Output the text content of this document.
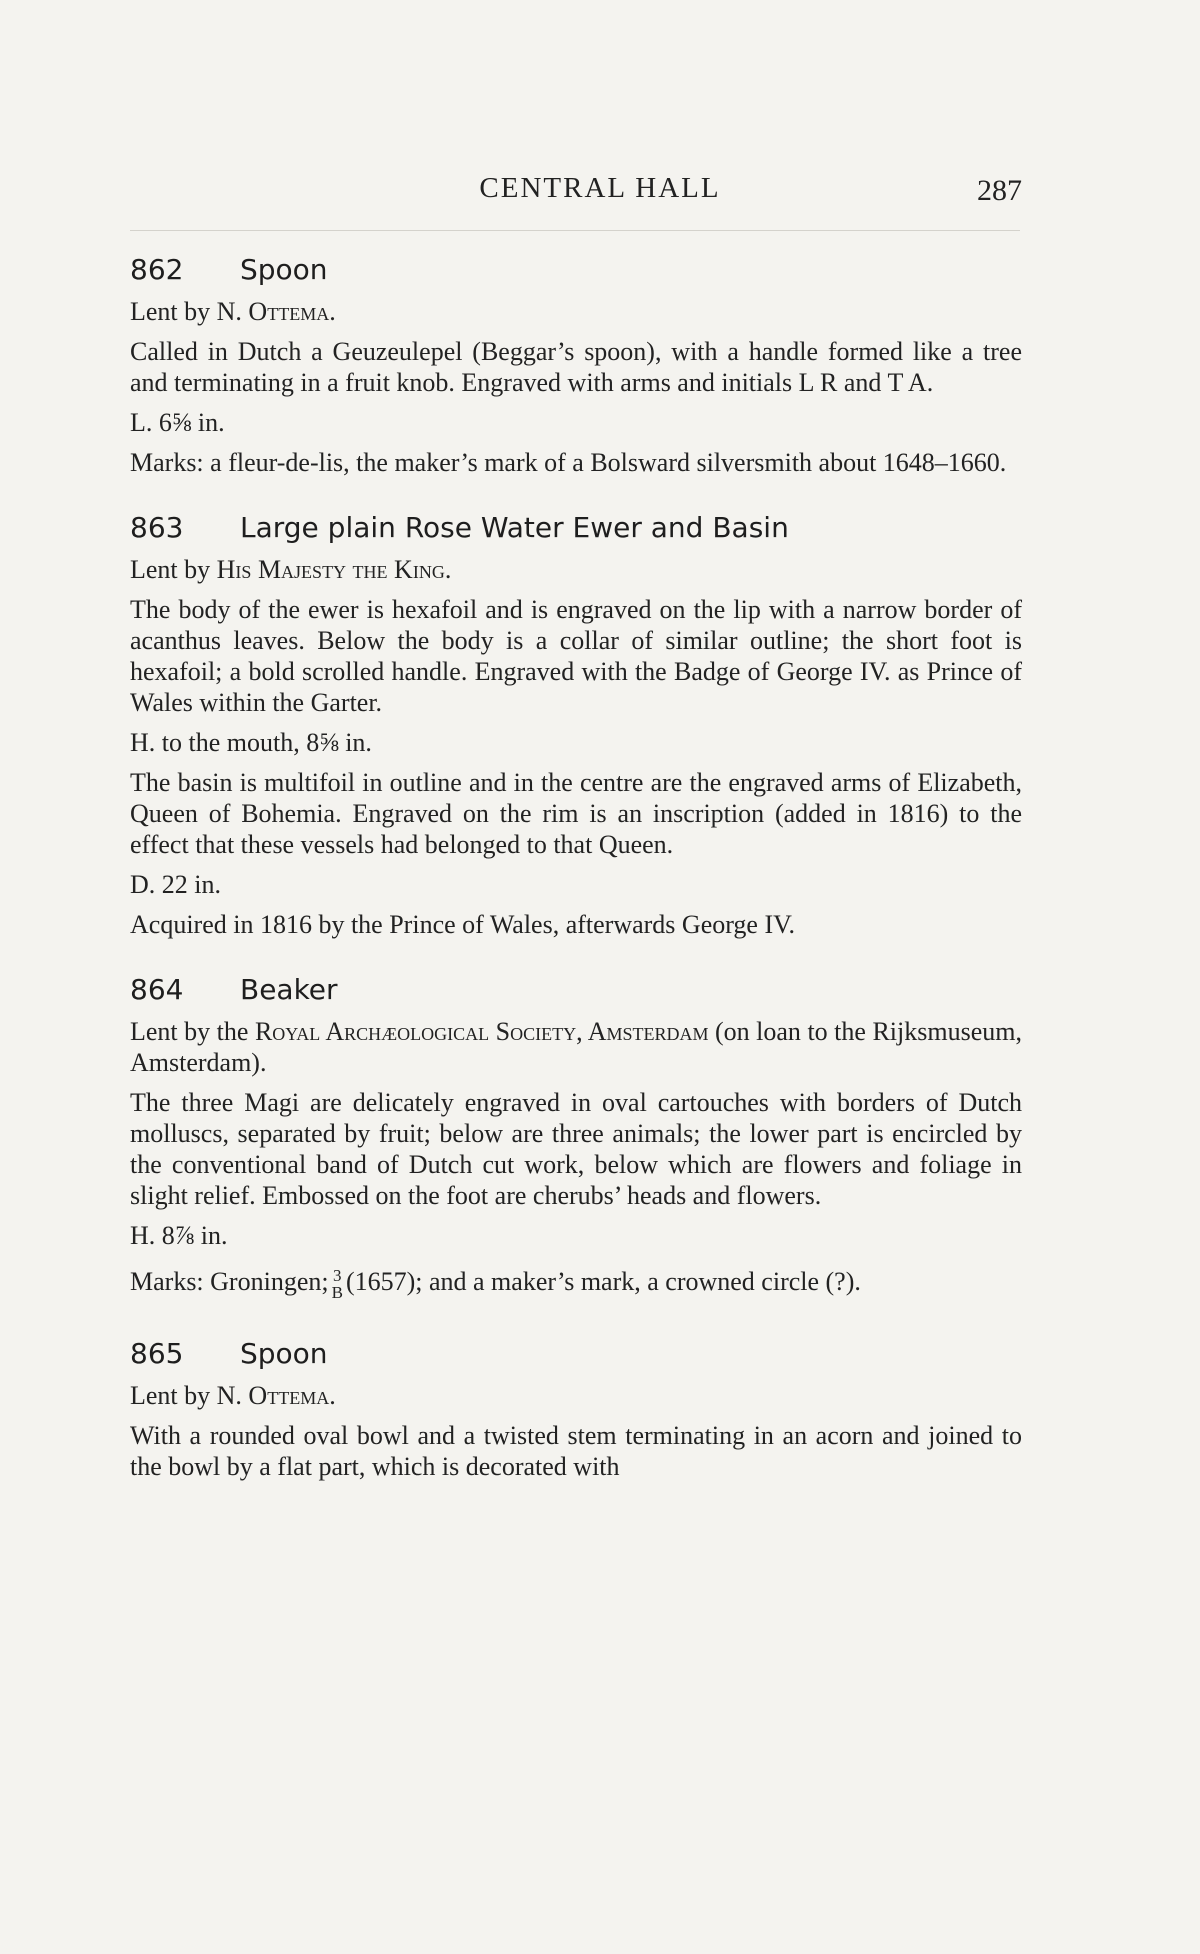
CENTRAL HALL	287
862 Spoon

Lent by N. Ottema.

Called in Dutch a Geuzeulepel (Beggar’s spoon), with a handle formed like a tree and terminating in a fruit knob. Engraved with arms and initials L R and T A.

L. 6⅝ in.

Marks: a fleur-de-lis, the maker’s mark of a Bolsward silversmith about 1648–1660.

863 Large plain Rose Water Ewer and Basin

Lent by His Majesty the King.

The body of the ewer is hexafoil and is engraved on the lip with a narrow border of acanthus leaves. Below the body is a collar of similar outline; the short foot is hexafoil; a bold scrolled handle. Engraved with the Badge of George IV. as Prince of Wales within the Garter.

H. to the mouth, 8⅝ in.

The basin is multifoil in outline and in the centre are the engraved arms of Elizabeth, Queen of Bohemia. Engraved on the rim is an inscription (added in 1816) to the effect that these vessels had belonged to that Queen.

D. 22 in.

Acquired in 1816 by the Prince of Wales, afterwards George IV.

864 Beaker

Lent by the Royal Archæological Society, Amsterdam (on loan to the Rijksmuseum, Amsterdam).

The three Magi are delicately engraved in oval cartouches with borders of Dutch molluscs, separated by fruit; below are three animals; the lower part is encircled by the conventional band of Dutch cut work, below which are flowers and foliage in slight relief. Embossed on the foot are cherubs’ heads and flowers.

H. 8⅞ in.

Marks: Groningen; 3
B (1657); and a maker’s mark, a crowned circle (?).

865 Spoon

Lent by N. Ottema.

With a rounded oval bowl and a twisted stem terminating in an acorn and joined to the bowl by a flat part, which is decorated with
